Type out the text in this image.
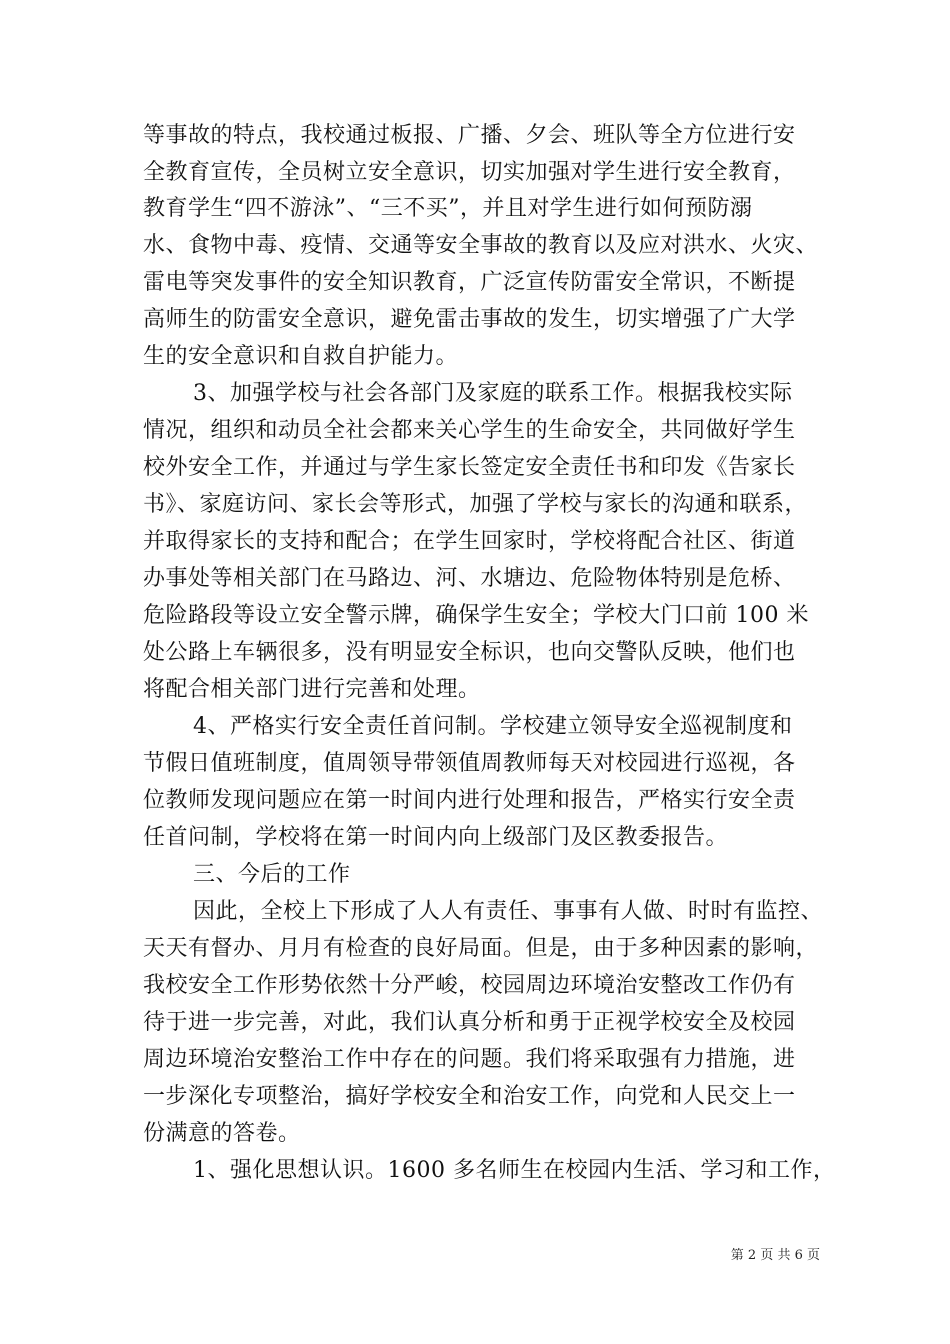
等事故的特点，我校通过板报、广播、夕会、班队等全方位进行安
全教育宣传，全员树立安全意识，切实加强对学生进行安全教育，
教育学生“四不游泳”、“三不买”，并且对学生进行如何预防溺
水、食物中毒、疫情、交通等安全事故的教育以及应对洪水、火灾、
雷电等突发事件的安全知识教育，广泛宣传防雷安全常识，不断提
高师生的防雷安全意识，避免雷击事故的发生，切实增强了广大学
生的安全意识和自救自护能力。
3、加强学校与社会各部门及家庭的联系工作。根据我校实际
情况，组织和动员全社会都来关心学生的生命安全，共同做好学生
校外安全工作，并通过与学生家长签定安全责任书和印发《告家长
书》、家庭访问、家长会等形式，加强了学校与家长的沟通和联系，
并取得家长的支持和配合；在学生回家时，学校将配合社区、街道
办事处等相关部门在马路边、河、水塘边、危险物体特别是危桥、
危险路段等设立安全警示牌，确保学生安全；学校大门口前 100 米
处公路上车辆很多，没有明显安全标识，也向交警队反映，他们也
将配合相关部门进行完善和处理。
4、严格实行安全责任首问制。学校建立领导安全巡视制度和
节假日值班制度，值周领导带领值周教师每天对校园进行巡视，各
位教师发现问题应在第一时间内进行处理和报告，严格实行安全责
任首问制，学校将在第一时间内向上级部门及区教委报告。
三、今后的工作
因此，全校上下形成了人人有责任、事事有人做、时时有监控、
天天有督办、月月有检查的良好局面。但是，由于多种因素的影响，
我校安全工作形势依然十分严峻，校园周边环境治安整改工作仍有
待于进一步完善，对此，我们认真分析和勇于正视学校安全及校园
周边环境治安整治工作中存在的问题。我们将采取强有力措施，进
一步深化专项整治，搞好学校安全和治安工作，向党和人民交上一
份满意的答卷。
1、强化思想认识。1600 多名师生在校园内生活、学习和工作，
第 2 页 共 6 页
